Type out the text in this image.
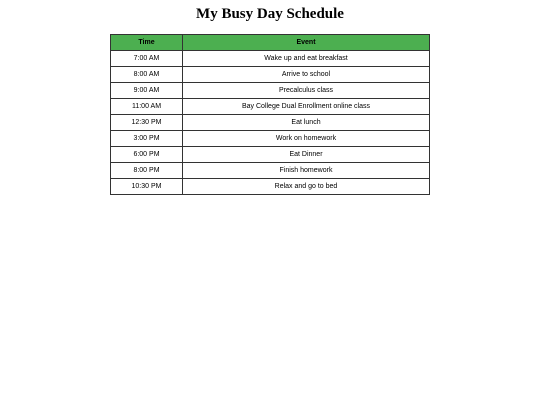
My Busy Day Schedule
Time	Event
7:00 AM	Wake up and eat breakfast
8:00 AM	Arrive to school
9:00 AM	Precalculus class
11:00 AM	Bay College Dual Enrollment online class
12:30 PM	Eat lunch
3:00 PM	Work on homework
6:00 PM	Eat Dinner
8:00 PM	Finish homework
10:30 PM	Relax and go to bed
